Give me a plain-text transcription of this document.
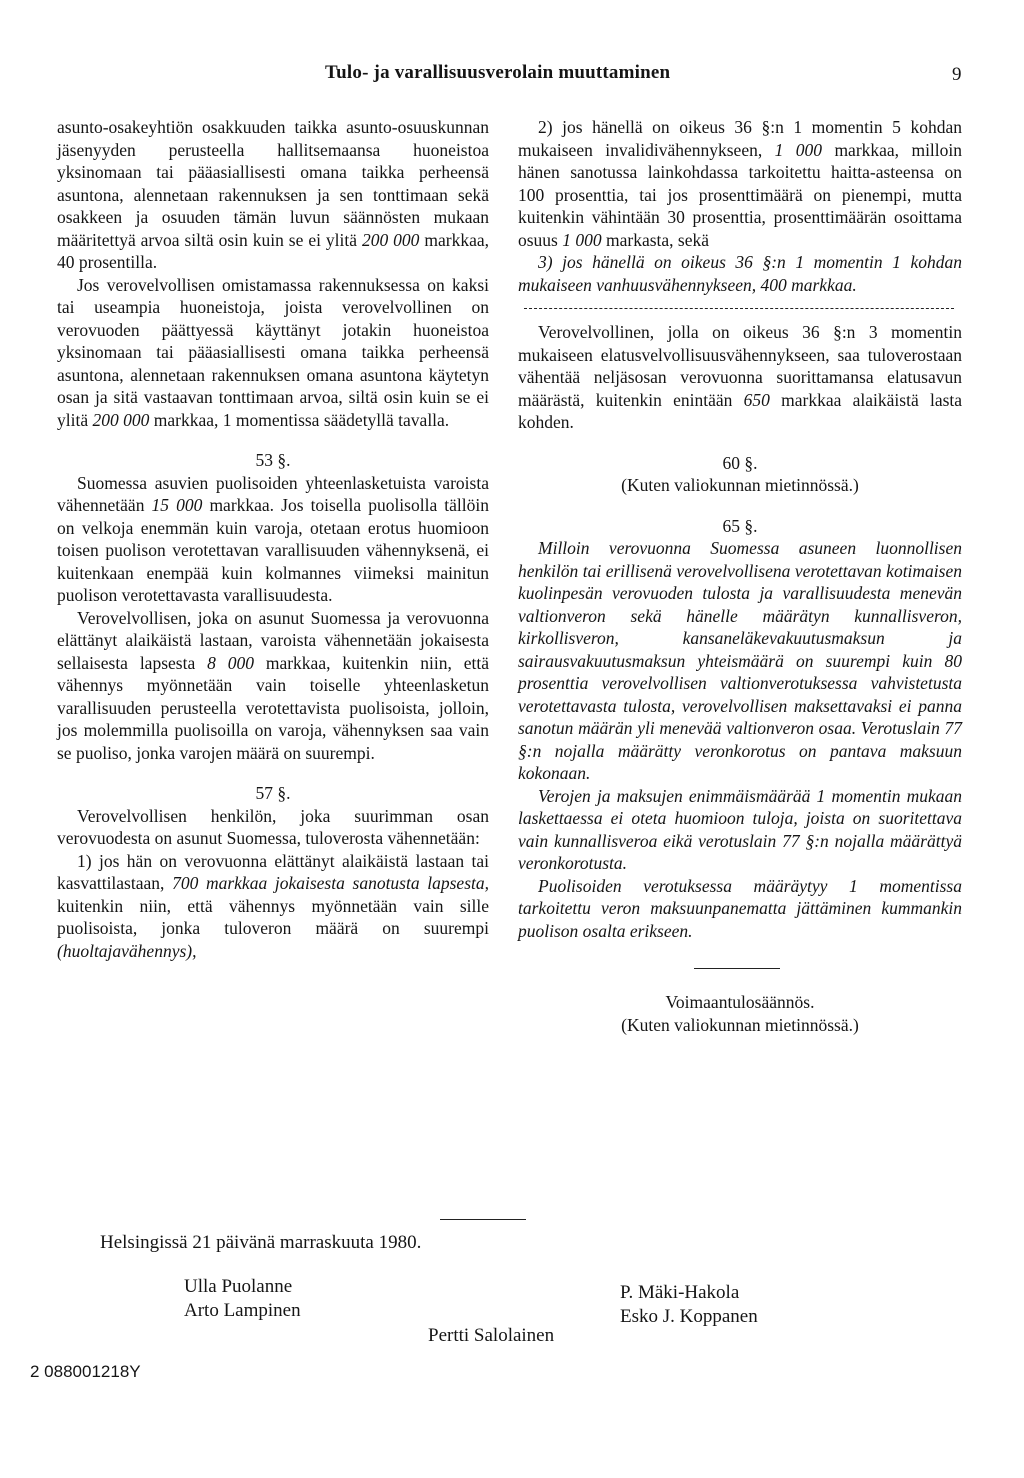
Tulo- ja varallisuusverolain muuttaminen	9

asunto-osakeyhtiön osakkuuden taikka asunto-osuuskunnan jäsenyyden perusteella hallitsemaansa huoneistoa yksinomaan tai pääasiallisesti omana taikka perheensä asuntona, alennetaan rakennuksen ja sen tonttimaan sekä osakkeen ja osuuden tämän luvun säännösten mukaan määritettyä arvoa siltä osin kuin se ei ylitä 200 000 markkaa, 40 prosentilla.

Jos verovelvollisen omistamassa rakennuksessa on kaksi tai useampia huoneistoja, joista verovelvollinen on verovuoden päättyessä käyttänyt jotakin huoneistoa yksinomaan tai pääasiallisesti omana taikka perheensä asuntona, alennetaan rakennuksen omana asuntona käytetyn osan ja sitä vastaavan tonttimaan arvoa, siltä osin kuin se ei ylitä 200 000 markkaa, 1 momentissa säädetyllä tavalla.

53 §.

Suomessa asuvien puolisoiden yhteenlasketuista varoista vähennetään 15 000 markkaa. Jos toisella puolisolla tällöin on velkoja enemmän kuin varoja, otetaan erotus huomioon toisen puolison verotettavan varallisuuden vähennyksenä, ei kuitenkaan enempää kuin kolmannes viimeksi mainitun puolison verotettavasta varallisuudesta.

Verovelvollisen, joka on asunut Suomessa ja verovuonna elättänyt alaikäistä lastaan, varoista vähennetään jokaisesta sellaisesta lapsesta 8 000 markkaa, kuitenkin niin, että vähennys myönnetään vain toiselle yhteenlasketun varallisuuden perusteella verotettavista puolisoista, jolloin, jos molemmilla puolisoilla on varoja, vähennyksen saa vain se puoliso, jonka varojen määrä on suurempi.

57 §.

Verovelvollisen henkilön, joka suurimman osan verovuodesta on asunut Suomessa, tuloverosta vähennetään:

1) jos hän on verovuonna elättänyt alaikäistä lastaan tai kasvattilastaan, 700 markkaa jokaisesta sanotusta lapsesta, kuitenkin niin, että vähennys myönnetään vain sille puolisoista, jonka tuloveron määrä on suurempi (huoltajavähennys),

2) jos hänellä on oikeus 36 §:n 1 momentin 5 kohdan mukaiseen invalidivähennykseen, 1 000 markkaa, milloin hänen sanotussa lainkohdassa tarkoitettu haitta-asteensa on 100 prosenttia, tai jos prosenttimäärä on pienempi, mutta kuitenkin vähintään 30 prosenttia, prosenttimäärän osoittama osuus 1 000 markasta, sekä

3) jos hänellä on oikeus 36 §:n 1 momentin 1 kohdan mukaiseen vanhuusvähennykseen, 400 markkaa.

Verovelvollinen, jolla on oikeus 36 §:n 3 momentin mukaiseen elatusvelvollisuusvähennykseen, saa tuloverostaan vähentää neljäsosan verovuonna suorittamansa elatusavun määrästä, kuitenkin enintään 650 markkaa alaikäistä lasta kohden.

60 §.

(Kuten valiokunnan mietinnössä.)

65 §.

Milloin verovuonna Suomessa asuneen luonnollisen henkilön tai erillisenä verovelvollisena verotettavan kotimaisen kuolinpesän verovuoden tulosta ja varallisuudesta menevän valtionveron sekä hänelle määrätyn kunnallisveron, kirkollisveron, kansaneläkevakuutusmaksun ja sairausvakuutusmaksun yhteismäärä on suurempi kuin 80 prosenttia verovelvollisen valtionverotuksessa vahvistetusta verotettavasta tulosta, verovelvollisen maksettavaksi ei panna sanotun määrän yli menevää valtionveron osaa. Verotuslain 77 §:n nojalla määrätty veronkorotus on pantava maksuun kokonaan.

Verojen ja maksujen enimmäismäärää 1 momentin mukaan laskettaessa ei oteta huomioon tuloja, joista on suoritettava vain kunnallisveroa eikä verotuslain 77 §:n nojalla määrättyä veronkorotusta.

Puolisoiden verotuksessa määräytyy 1 momentissa tarkoitettu veron maksuunpanematta jättäminen kummankin puolison osalta erikseen.

Voimaantulosäännös.

(Kuten valiokunnan mietinnössä.)

Helsingissä 21 päivänä marraskuuta 1980.
Ulla Puolanne
Arto Lampinen
Pertti Salolainen
P. Mäki-Hakola
Esko J. Koppanen
2 088001218Y
